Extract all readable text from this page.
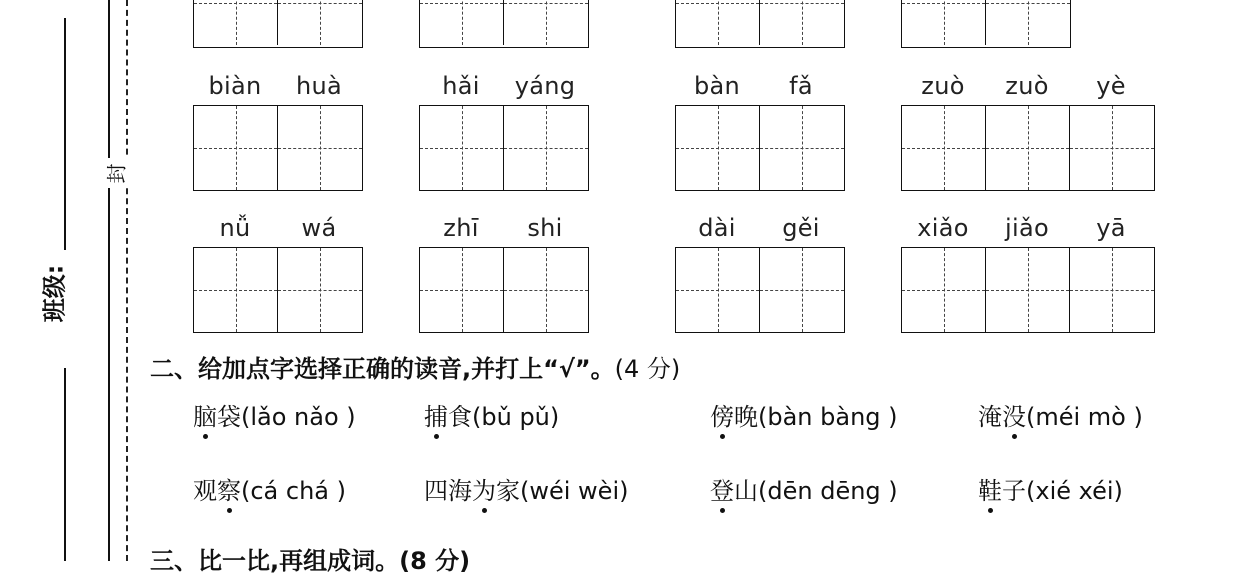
班级:
封
biàn	huà	hǎi	yáng	bàn	fǎ	zuò	zuò	yè
nǚ	wá	zhī	shi	dài	gěi	xiǎo	jiǎo	yā
二、给加点字选择正确的读音,并打上“√”。(4 分)
脑袋(lǎo nǎo )	捕食(bǔ pǔ)	傍晚(bàn bàng )	淹没(méi mò )
观察(cá chá )	四海为家(wéi wèi)	登山(dēn dēng )	鞋子(xié xéi)
三、比一比,再组成词。(8 分)
